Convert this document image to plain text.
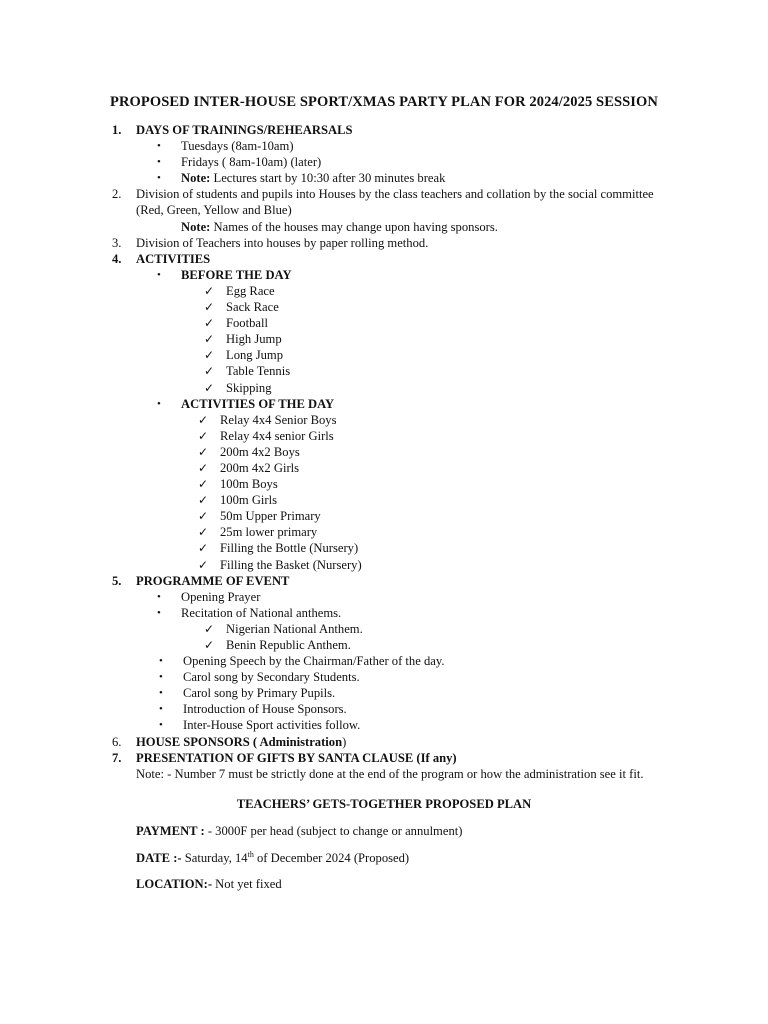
PROPOSED INTER-HOUSE SPORT/XMAS PARTY PLAN FOR 2024/2025 SESSION
1. DAYS OF TRAININGS/REHEARSALS
• Tuesdays (8am-10am)
• Fridays ( 8am-10am) (later)
• Note: Lectures start by 10:30 after 30 minutes break
2. Division of students and pupils into Houses by the class teachers and collation by the social committee
(Red, Green, Yellow and Blue)
Note: Names of the houses may change upon having sponsors.
3. Division of Teachers into houses by paper rolling method.
4. ACTIVITIES
• BEFORE THE DAY
✓ Egg Race
✓ Sack Race
✓ Football
✓ High Jump
✓ Long Jump
✓ Table Tennis
✓ Skipping
• ACTIVITIES OF THE DAY
✓ Relay 4x4 Senior Boys
✓ Relay 4x4 senior Girls
✓ 200m 4x2 Boys
✓ 200m 4x2 Girls
✓ 100m Boys
✓ 100m Girls
✓ 50m Upper Primary
✓ 25m lower primary
✓ Filling the Bottle (Nursery)
✓ Filling the Basket (Nursery)
5. PROGRAMME OF EVENT
• Opening Prayer
• Recitation of National anthems.
✓ Nigerian National Anthem.
✓ Benin Republic Anthem.
• Opening Speech by the Chairman/Father of the day.
• Carol song by Secondary Students.
• Carol song by Primary Pupils.
• Introduction of House Sponsors.
• Inter-House Sport activities follow.
6. HOUSE SPONSORS ( Administration)
7. PRESENTATION OF GIFTS BY SANTA CLAUSE (If any)
Note: - Number 7 must be strictly done at the end of the program or how the administration see it fit.
TEACHERS’ GETS-TOGETHER PROPOSED PLAN
PAYMENT : - 3000F per head (subject to change or annulment)
DATE :- Saturday, 14th of December 2024 (Proposed)
LOCATION:- Not yet fixed
